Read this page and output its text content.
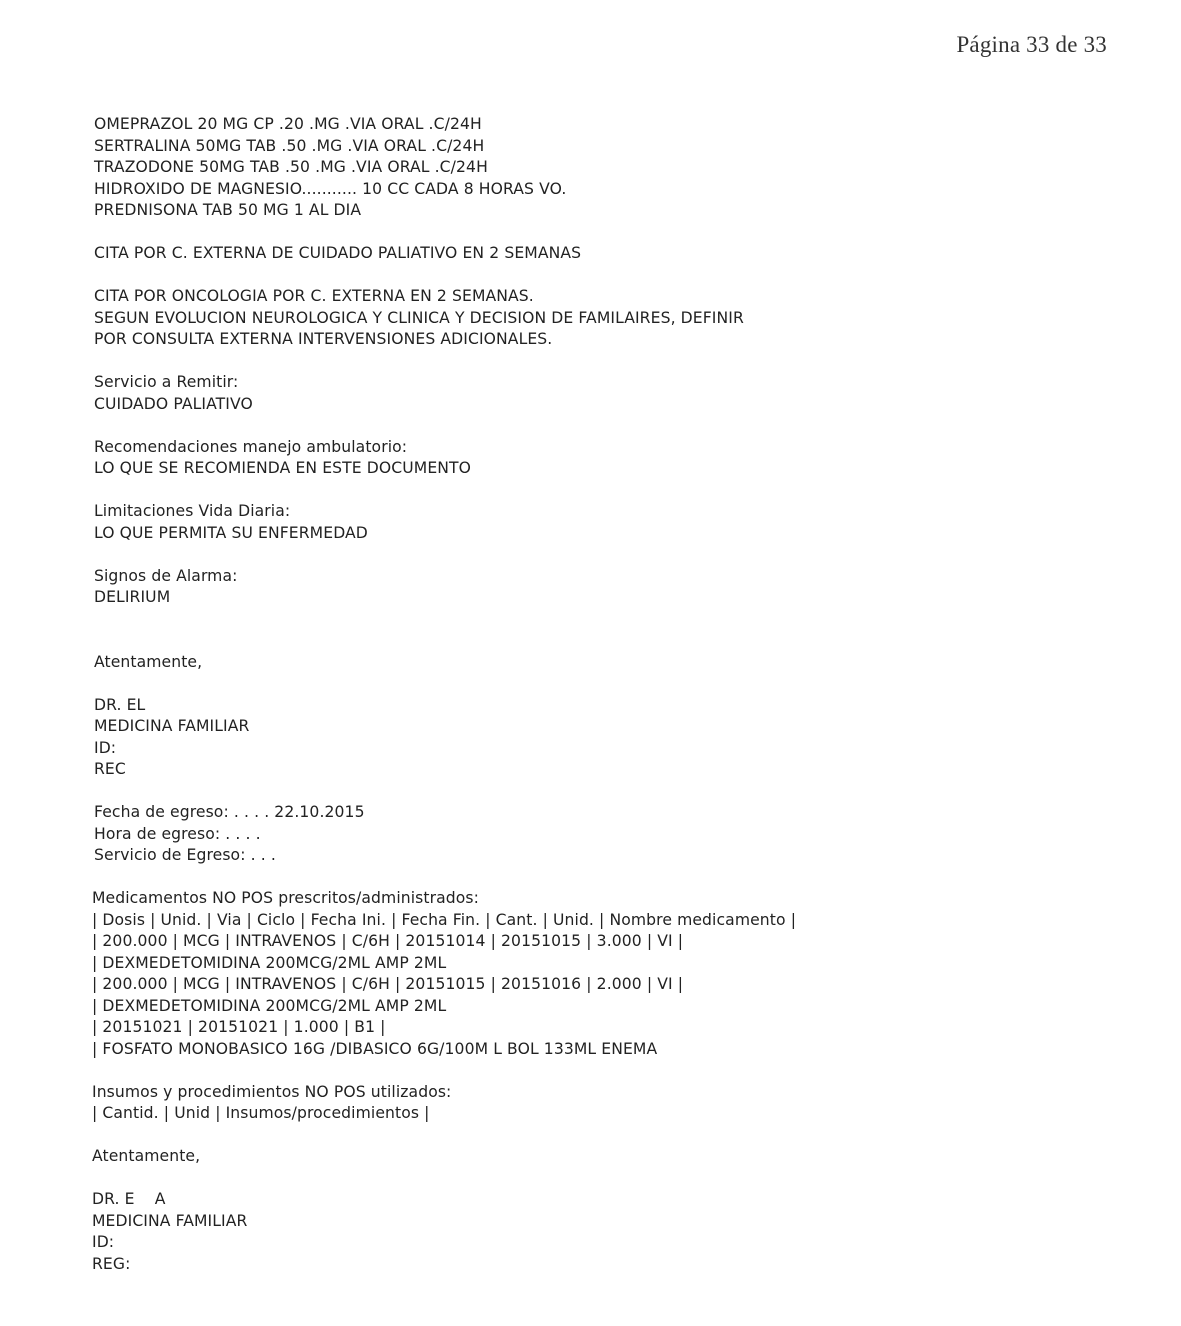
Página 33 de 33
OMEPRAZOL 20 MG CP .20 .MG .VIA ORAL .C/24H
SERTRALINA 50MG TAB .50 .MG .VIA ORAL .C/24H
TRAZODONE 50MG TAB .50 .MG .VIA ORAL .C/24H
HIDROXIDO DE MAGNESIO........... 10 CC CADA 8 HORAS VO.
PREDNISONA TAB 50 MG 1 AL DIA
CITA POR C. EXTERNA DE CUIDADO PALIATIVO EN 2 SEMANAS
CITA POR ONCOLOGIA POR C. EXTERNA EN 2 SEMANAS.
SEGUN EVOLUCION NEUROLOGICA Y CLINICA Y DECISION DE FAMILAIRES, DEFINIR
POR CONSULTA EXTERNA INTERVENSIONES ADICIONALES.
Servicio a Remitir:
CUIDADO PALIATIVO
Recomendaciones manejo ambulatorio:
LO QUE SE RECOMIENDA EN ESTE DOCUMENTO
Limitaciones Vida Diaria:
LO QUE PERMITA SU ENFERMEDAD
Signos de Alarma:
DELIRIUM
Atentamente,
DR. EL
MEDICINA FAMILIAR
ID:
REC
Fecha de egreso: . . . . 22.10.2015
Hora de egreso: . . . .
Servicio de Egreso: . . .
Medicamentos NO POS prescritos/administrados:
| Dosis | Unid. | Via | Ciclo | Fecha Ini. | Fecha Fin. | Cant. | Unid. | Nombre medicamento |
| 200.000 | MCG | INTRAVENOS | C/6H | 20151014 | 20151015 | 3.000 | VI |
| DEXMEDETOMIDINA 200MCG/2ML AMP 2ML
| 200.000 | MCG | INTRAVENOS | C/6H | 20151015 | 20151016 | 2.000 | VI |
| DEXMEDETOMIDINA 200MCG/2ML AMP 2ML
| 20151021 | 20151021 | 1.000 | B1 |
| FOSFATO MONOBASICO 16G /DIBASICO 6G/100M L BOL 133ML ENEMA
Insumos y procedimientos NO POS utilizados:
| Cantid. | Unid | Insumos/procedimientos |
Atentamente,
DR. E    A
MEDICINA FAMILIAR
ID:
REG:
